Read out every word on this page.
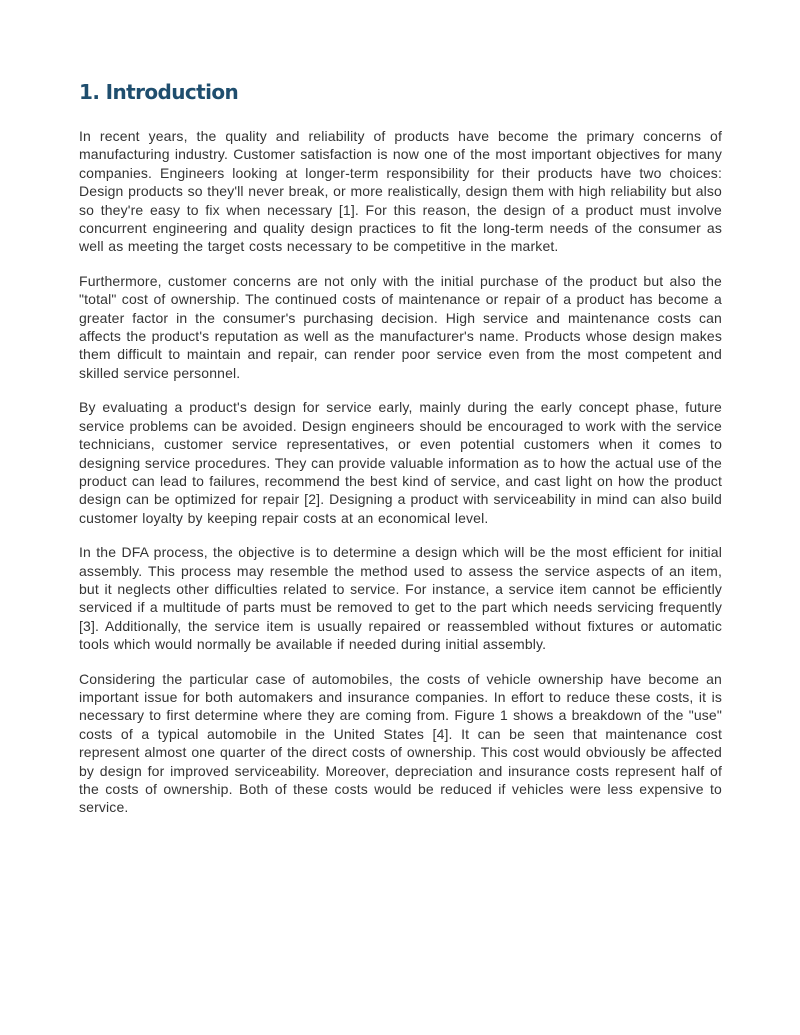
1. Introduction

In recent years, the quality and reliability of products have become the primary concerns of manufacturing industry. Customer satisfaction is now one of the most important objectives for many companies. Engineers looking at longer-term responsibility for their products have two choices: Design products so they'll never break, or more realistically, design them with high reliability but also so they're easy to fix when necessary [1]. For this reason, the design of a product must involve concurrent engineering and quality design practices to fit the long-term needs of the consumer as well as meeting the target costs necessary to be competitive in the market.

Furthermore, customer concerns are not only with the initial purchase of the product but also the "total" cost of ownership. The continued costs of maintenance or repair of a product has become a greater factor in the consumer's purchasing decision. High service and maintenance costs can affects the product's reputation as well as the manufacturer's name. Products whose design makes them difficult to maintain and repair, can render poor service even from the most competent and skilled service personnel.

By evaluating a product's design for service early, mainly during the early concept phase, future service problems can be avoided. Design engineers should be encouraged to work with the service technicians, customer service representatives, or even potential customers when it comes to designing service procedures. They can provide valuable information as to how the actual use of the product can lead to failures, recommend the best kind of service, and cast light on how the product design can be optimized for repair [2]. Designing a product with serviceability in mind can also build customer loyalty by keeping repair costs at an economical level.

In the DFA process, the objective is to determine a design which will be the most efficient for initial assembly. This process may resemble the method used to assess the service aspects of an item, but it neglects other difficulties related to service. For instance, a service item cannot be efficiently serviced if a multitude of parts must be removed to get to the part which needs servicing frequently [3]. Additionally, the service item is usually repaired or reassembled without fixtures or automatic tools which would normally be available if needed during initial assembly.

Considering the particular case of automobiles, the costs of vehicle ownership have become an important issue for both automakers and insurance companies. In effort to reduce these costs, it is necessary to first determine where they are coming from. Figure 1 shows a breakdown of the "use" costs of a typical automobile in the United States [4]. It can be seen that maintenance cost represent almost one quarter of the direct costs of ownership. This cost would obviously be affected by design for improved serviceability. Moreover, depreciation and insurance costs represent half of the costs of ownership. Both of these costs would be reduced if vehicles were less expensive to service.
